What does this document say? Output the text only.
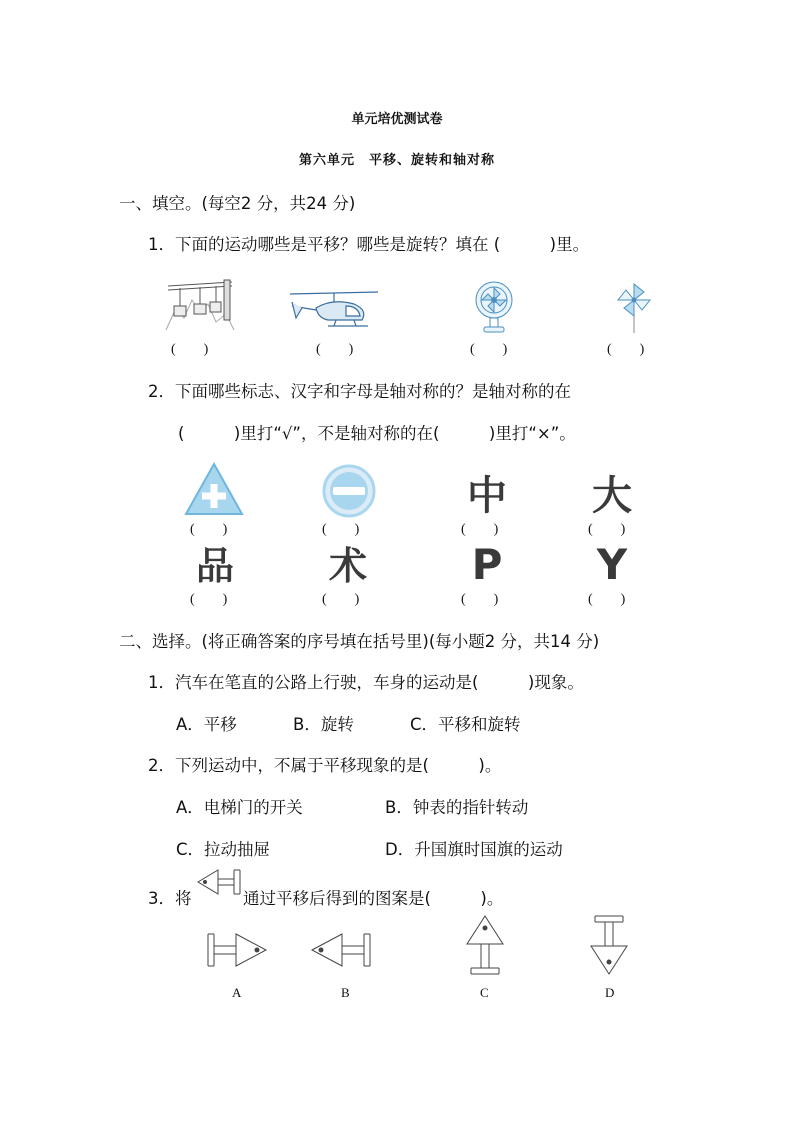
单元培优测试卷
第六单元　平移、旋转和轴对称
一、填空。(每空2 分，共24 分)
1．下面的运动哪些是平移？哪些是旋转？填在 (　　　)里。
(　　)	(　　)	(　　)	(　　)
2．下面哪些标志、汉字和字母是轴对称的？是轴对称的在
(　　　)里打“√”，不是轴对称的在(　　　)里打“×”。
中 大
(　　)	(　　)	(　　)	(　　)
品 术 P Y
(　　)	(　　)	(　　)	(　　)
二、选择。(将正确答案的序号填在括号里)(每小题2 分，共14 分)
1．汽车在笔直的公路上行驶，车身的运动是(　　　)现象。
A．平移	B．旋转	C．平移和旋转
2．下列运动中，不属于平移现象的是(　　　)。
A．电梯门的开关	B．钟表的指针转动
C．拉动抽屉	D．升国旗时国旗的运动
3．将	通过平移后得到的图案是(　　　)。
A	B	C	D
